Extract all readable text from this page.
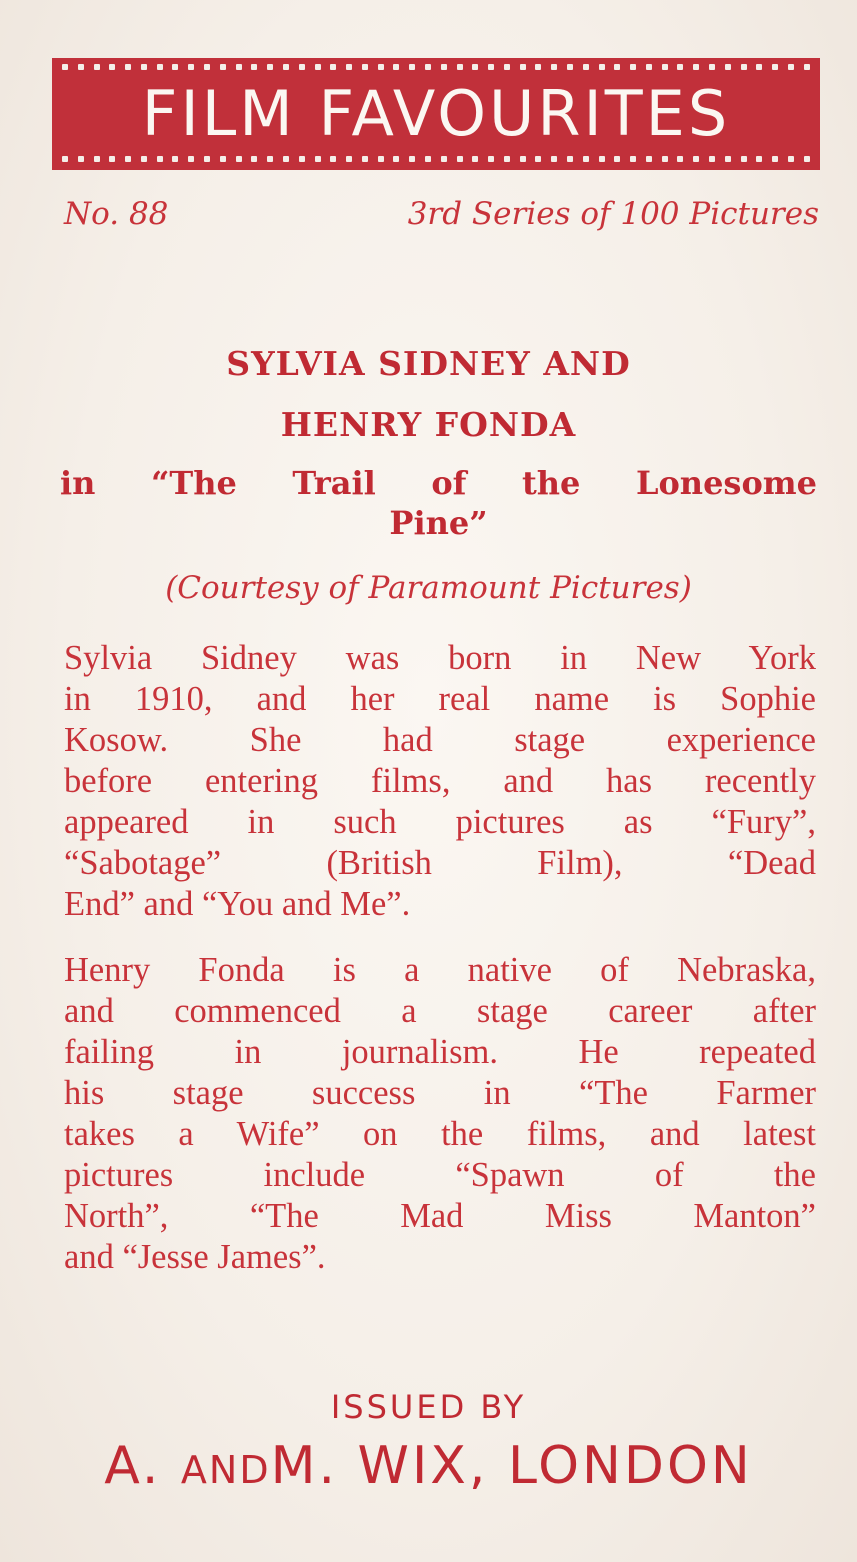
FILM FAVOURITES
No. 88	3rd Series of 100 Pictures
SYLVIA SIDNEY AND
HENRY FONDA
in “The Trail of the Lonesome
Pine”
(Courtesy of Paramount Pictures)
Sylvia Sidney was born in New York
in 1910, and her real name is Sophie
Kosow. She had stage experience
before entering films, and has recently
appeared in such pictures as “Fury”,
“Sabotage” (British Film), “Dead
End” and “You and Me”.
Henry Fonda is a native of Nebraska,
and commenced a stage career after
failing in journalism. He repeated
his stage success in “The Farmer
takes a Wife” on the films, and latest
pictures include “Spawn of the
North”, “The Mad Miss Manton”
and “Jesse James”.
ISSUED BY
A. ANDM. WIX, LONDON
